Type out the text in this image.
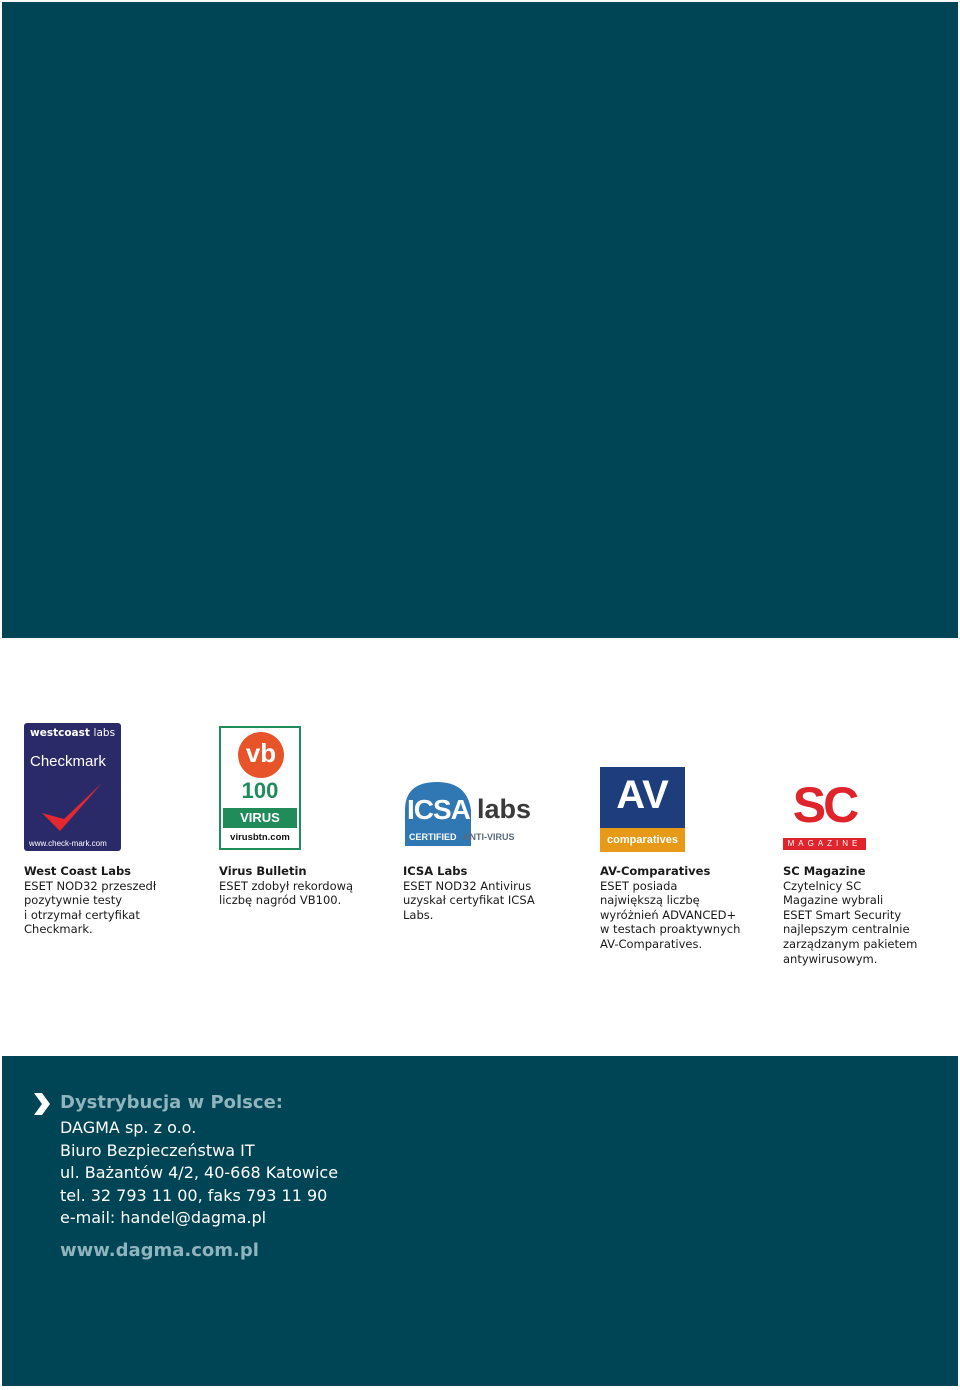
westcoast labs
Checkmark
www.check-mark.com
West Coast Labs
ESET NOD32 przeszedł
pozytywnie testy
i otrzymał certyfikat
Checkmark.
vb
100
VIRUS
virusbtn.com
Virus Bulletin
ESET zdobył rekordową
liczbę nagród VB100.
ICSA labs
CERTIFIED ANTI-VIRUS
ICSA Labs
ESET NOD32 Antivirus
uzyskał certyfikat ICSA
Labs.
AV
comparatives
AV-Comparatives
ESET posiada
największą liczbę
wyróżnień ADVANCED+
w testach proaktywnych
AV-Comparatives.
SC
MAGAZINE
SC Magazine
Czytelnicy SC
Magazine wybrali
ESET Smart Security
najlepszym centralnie
zarządzanym pakietem
antywirusowym.
Dystrybucja w Polsce:
DAGMA sp. z o.o.
Biuro Bezpieczeństwa IT
ul. Bażantów 4/2, 40-668 Katowice
tel. 32 793 11 00, faks 793 11 90
e-mail: handel@dagma.pl
www.dagma.com.pl
